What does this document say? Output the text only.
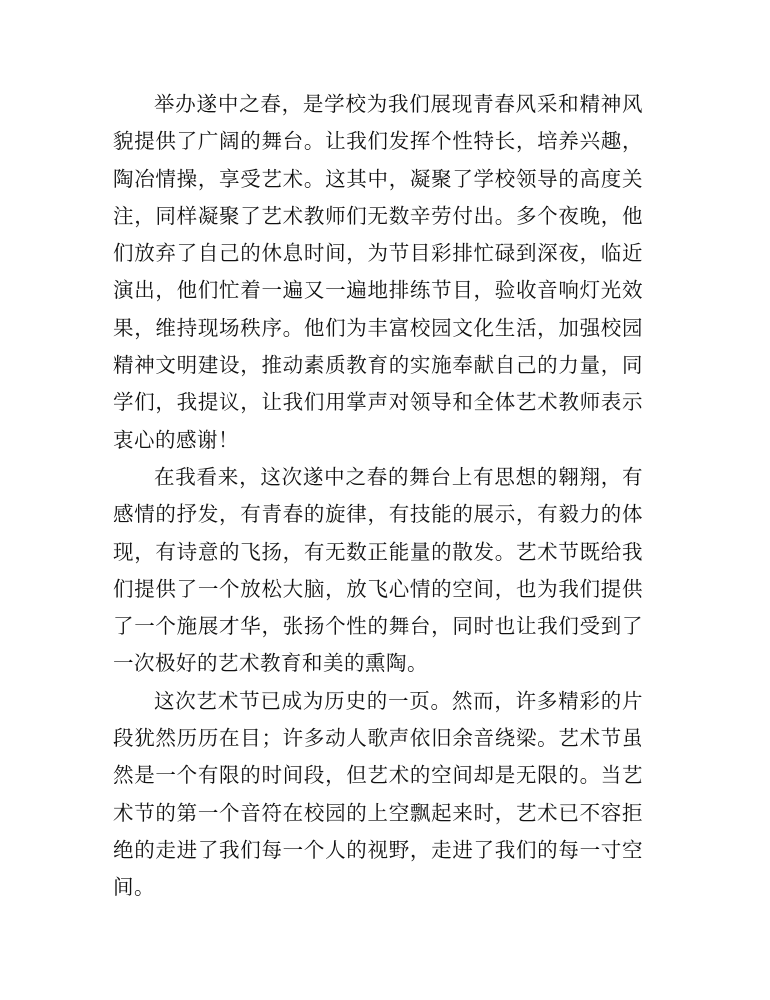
举办遂中之春，是学校为我们展现青春风采和精神风貌提供了广阔的舞台。让我们发挥个性特长，培养兴趣，陶冶情操，享受艺术。这其中，凝聚了学校领导的高度关注，同样凝聚了艺术教师们无数辛劳付出。多个夜晚，他们放弃了自己的休息时间，为节目彩排忙碌到深夜，临近演出，他们忙着一遍又一遍地排练节目，验收音响灯光效果，维持现场秩序。他们为丰富校园文化生活，加强校园精神文明建设，推动素质教育的实施奉献自己的力量，同学们，我提议，让我们用掌声对领导和全体艺术教师表示衷心的感谢！

在我看来，这次遂中之春的舞台上有思想的翱翔，有感情的抒发，有青春的旋律，有技能的展示，有毅力的体现，有诗意的飞扬，有无数正能量的散发。艺术节既给我们提供了一个放松大脑，放飞心情的空间，也为我们提供了一个施展才华，张扬个性的舞台，同时也让我们受到了一次极好的艺术教育和美的熏陶。

这次艺术节已成为历史的一页。然而，许多精彩的片段犹然历历在目；许多动人歌声依旧余音绕梁。艺术节虽然是一个有限的时间段，但艺术的空间却是无限的。当艺术节的第一个音符在校园的上空飘起来时，艺术已不容拒绝的走进了我们每一个人的视野，走进了我们的每一寸空间。
